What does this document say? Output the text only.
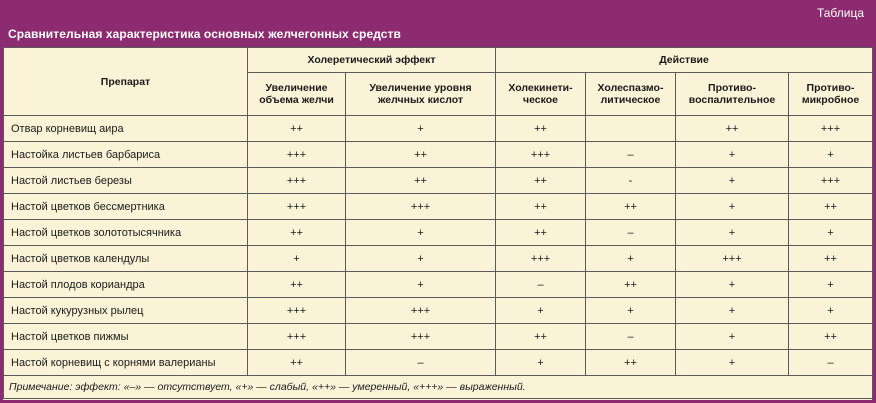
Таблица
Сравнительная характеристика основных желчегонных средств
Препарат	Холеретический эффект		Действие			
	Увеличение объема желчи	Увеличение уровня желчных кислот	Холекинети-ческое	Холеспазмо-литическое	Противо-воспалительное	Противо-микробное
Отвар корневищ аира	++	+	++		++	+++
Настойка листьев барбариса	+++	++	+++	–	+	+
Настой листьев березы	+++	++	++	-	+	+++
Настой цветков бессмертника	+++	+++	++	++	+	++
Настой цветков золототысячника	++	+	++	–	+	+
Настой цветков календулы	+	+	+++	+	+++	++
Настой плодов кориандра	++	+	–	++	+	+
Настой кукурузных рылец	+++	+++	+	+	+	+
Настой цветков пижмы	+++	+++	++	–	+	++
Настой корневищ с корнями валерианы	++	–	+	++	+	–
Примечание: эффект: «–» — отсутствует, «+» — слабый, «++» — умеренный, «+++» — выраженный.						
